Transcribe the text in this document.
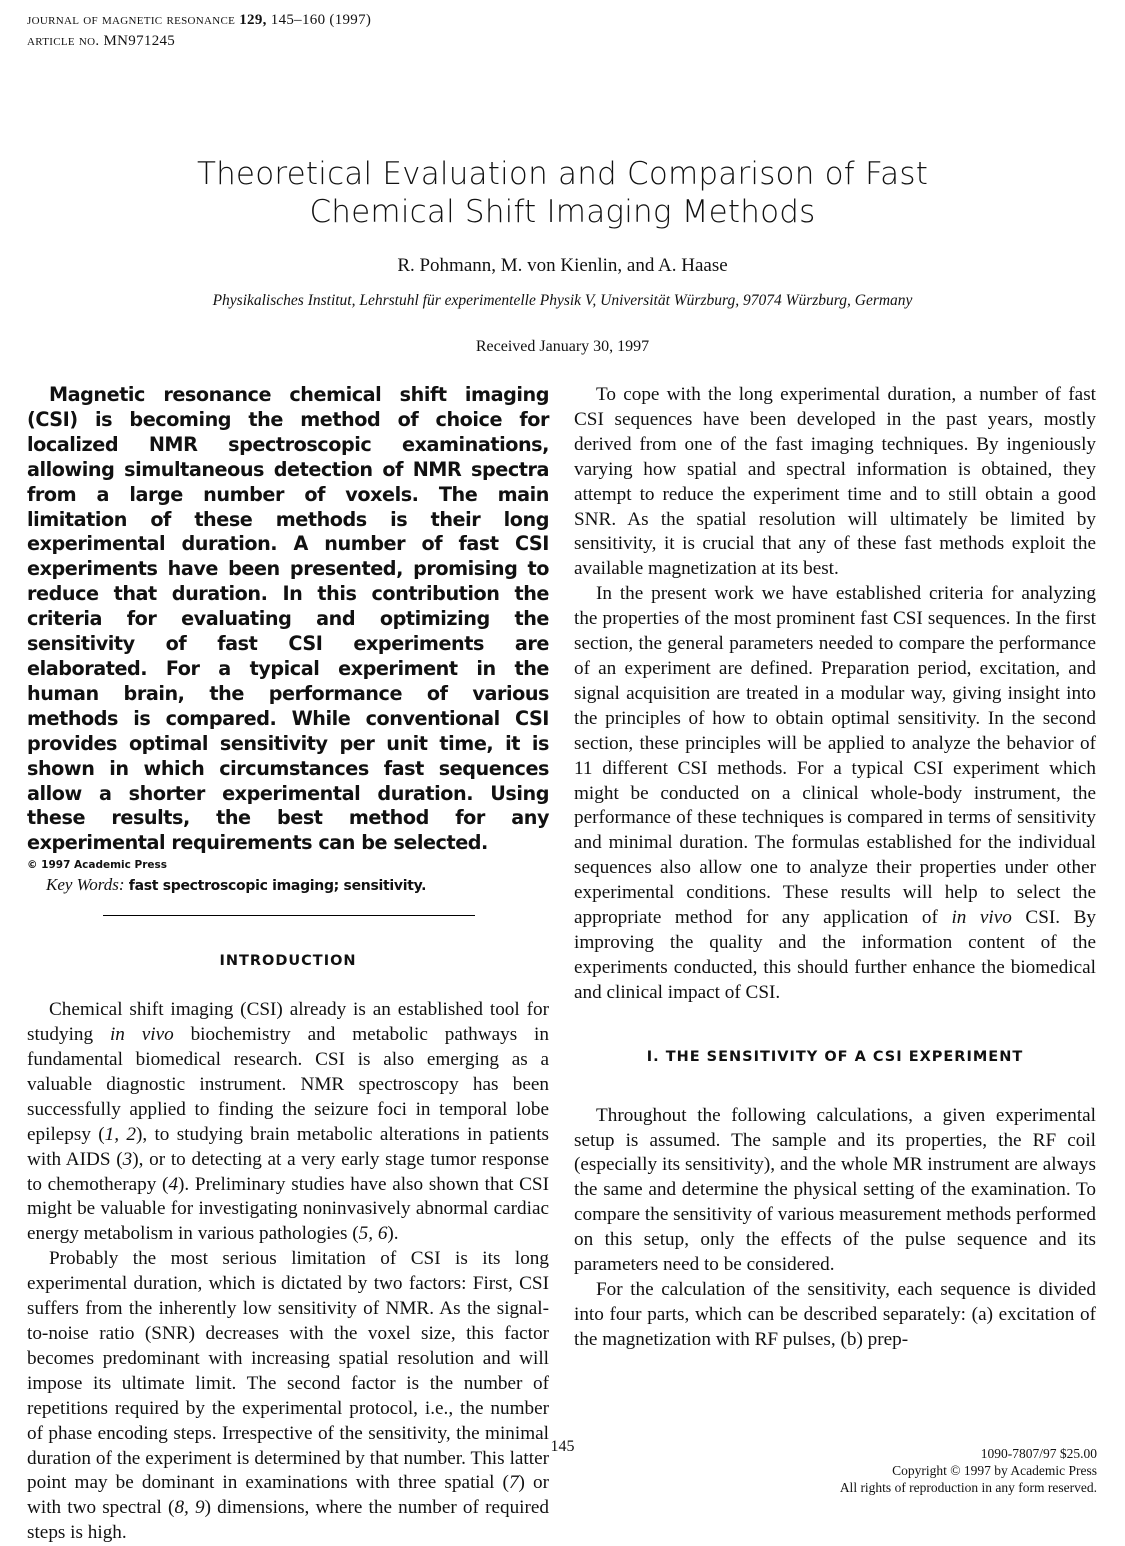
journal of magnetic resonance 129, 145–160 (1997)
article no. MN971245
Theoretical Evaluation and Comparison of Fast
Chemical Shift Imaging Methods
R. Pohmann, M. von Kienlin, and A. Haase
Physikalisches Institut, Lehrstuhl für experimentelle Physik V, Universität Würzburg, 97074 Würzburg, Germany
Received January 30, 1997

Magnetic resonance chemical shift imaging (CSI) is becoming the method of choice for localized NMR spectroscopic examinations, allowing simultaneous detection of NMR spectra from a large number of voxels. The main limitation of these methods is their long experimental duration. A number of fast CSI experiments have been presented, promising to reduce that duration. In this contribution the criteria for evaluating and optimizing the sensitivity of fast CSI experiments are elaborated. For a typical experiment in the human brain, the performance of various methods is compared. While conventional CSI provides optimal sensitivity per unit time, it is shown in which circumstances fast sequences allow a shorter experimental duration. Using these results, the best method for any experimental requirements can be selected.

© 1997 Academic Press
Key Words: fast spectroscopic imaging; sensitivity.
INTRODUCTION

Chemical shift imaging (CSI) already is an established tool for studying in vivo biochemistry and metabolic pathways in fundamental biomedical research. CSI is also emerging as a valuable diagnostic instrument. NMR spectroscopy has been successfully applied to finding the seizure foci in temporal lobe epilepsy (1, 2), to studying brain metabolic alterations in patients with AIDS (3), or to detecting at a very early stage tumor response to chemotherapy (4). Preliminary studies have also shown that CSI might be valuable for investigating noninvasively abnormal cardiac energy metabolism in various pathologies (5, 6).

Probably the most serious limitation of CSI is its long experimental duration, which is dictated by two factors: First, CSI suffers from the inherently low sensitivity of NMR. As the signal-to-noise ratio (SNR) decreases with the voxel size, this factor becomes predominant with increasing spatial resolution and will impose its ultimate limit. The second factor is the number of repetitions required by the experimental protocol, i.e., the number of phase encoding steps. Irrespective of the sensitivity, the minimal duration of the experiment is determined by that number. This latter point may be dominant in examinations with three spatial (7) or with two spectral (8, 9) dimensions, where the number of required steps is high.

To cope with the long experimental duration, a number of fast CSI sequences have been developed in the past years, mostly derived from one of the fast imaging techniques. By ingeniously varying how spatial and spectral information is obtained, they attempt to reduce the experiment time and to still obtain a good SNR. As the spatial resolution will ultimately be limited by sensitivity, it is crucial that any of these fast methods exploit the available magnetization at its best.

In the present work we have established criteria for analyzing the properties of the most prominent fast CSI sequences. In the first section, the general parameters needed to compare the performance of an experiment are defined. Preparation period, excitation, and signal acquisition are treated in a modular way, giving insight into the principles of how to obtain optimal sensitivity. In the second section, these principles will be applied to analyze the behavior of 11 different CSI methods. For a typical CSI experiment which might be conducted on a clinical whole-body instrument, the performance of these techniques is compared in terms of sensitivity and minimal duration. The formulas established for the individual sequences also allow one to analyze their properties under other experimental conditions. These results will help to select the appropriate method for any application of in vivo CSI. By improving the quality and the information content of the experiments conducted, this should further enhance the biomedical and clinical impact of CSI.

I. THE SENSITIVITY OF A CSI EXPERIMENT

Throughout the following calculations, a given experimental setup is assumed. The sample and its properties, the RF coil (especially its sensitivity), and the whole MR instrument are always the same and determine the physical setting of the examination. To compare the sensitivity of various measurement methods performed on this setup, only the effects of the pulse sequence and its parameters need to be considered.

For the calculation of the sensitivity, each sequence is divided into four parts, which can be described separately: (a) excitation of the magnetization with RF pulses, (b) prep-

145	1090-7807/97 $25.00
Copyright © 1997 by Academic Press
All rights of reproduction in any form reserved.
